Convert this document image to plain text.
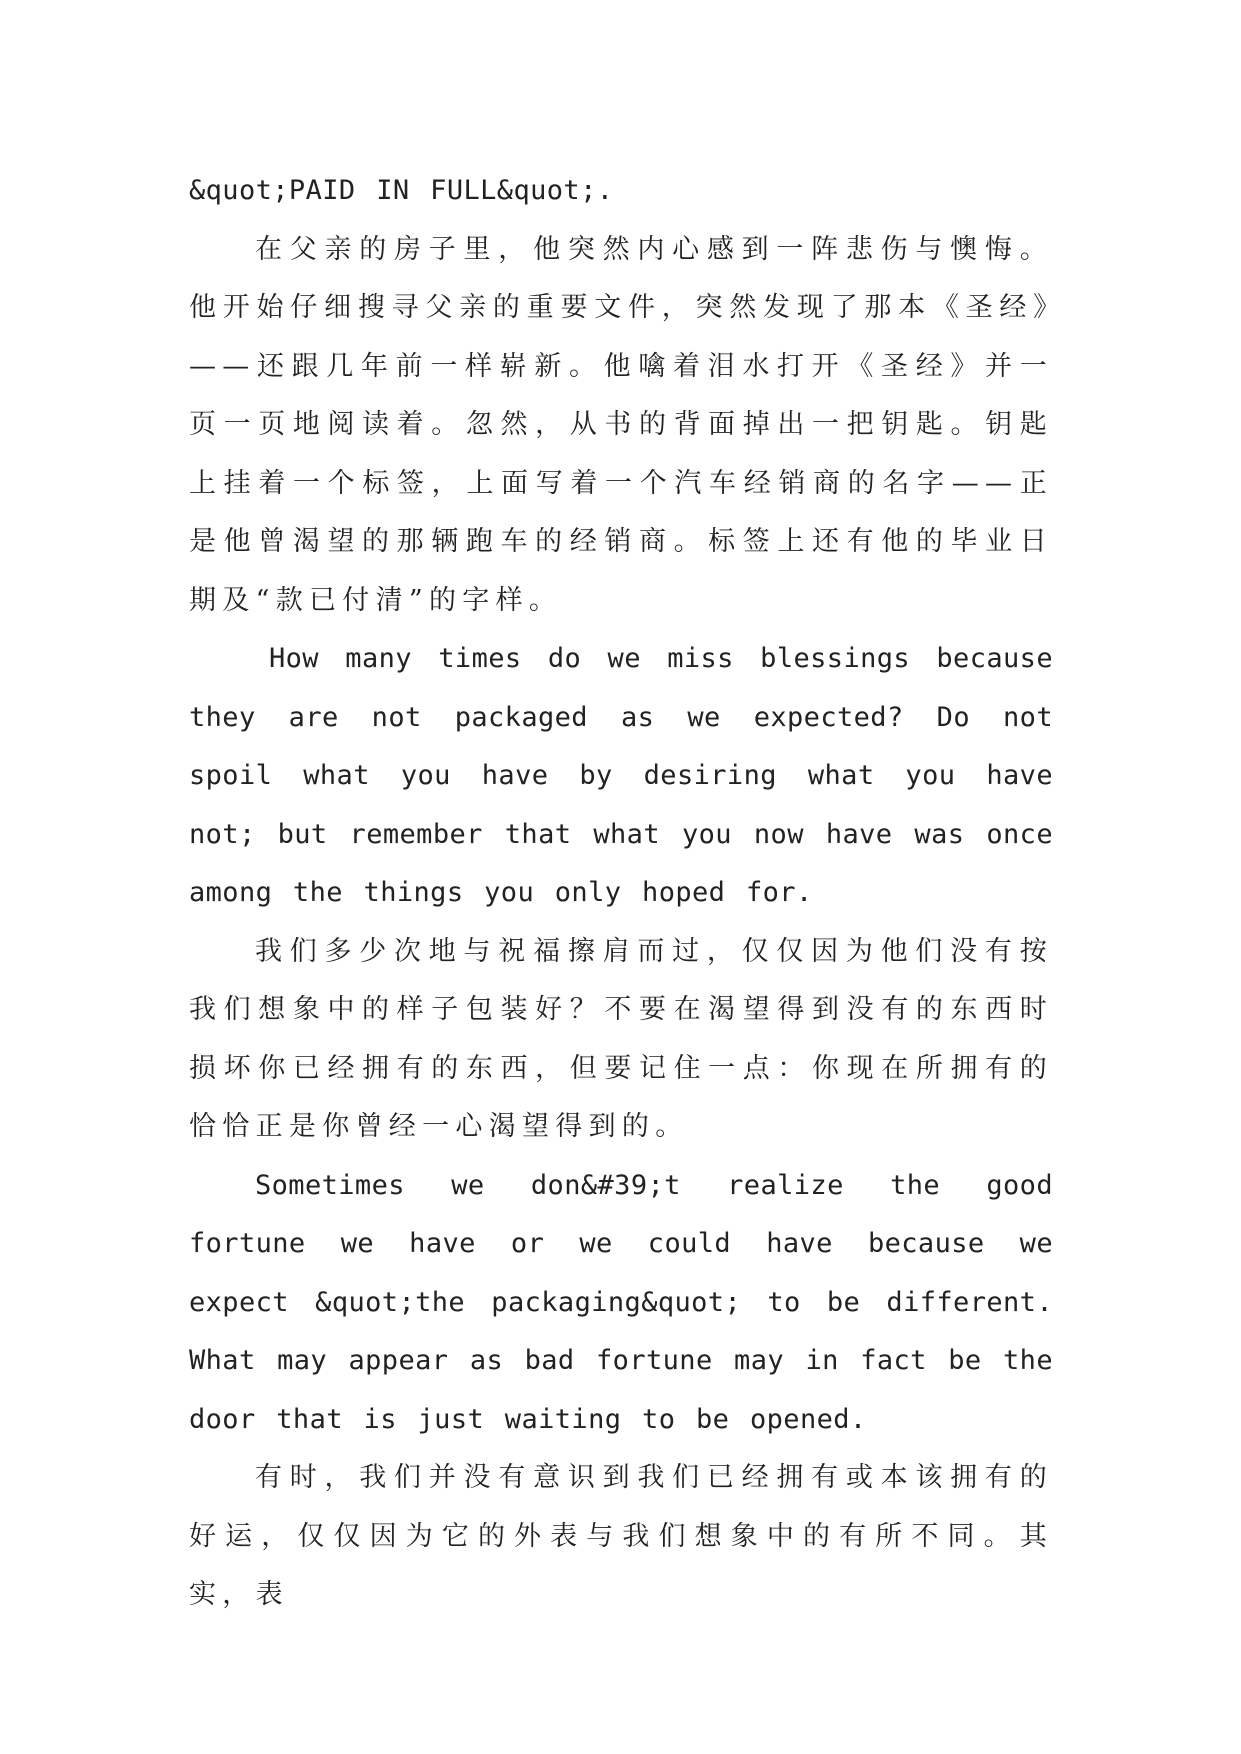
&quot;PAID IN FULL&quot;.

在父亲的房子里，他突然内心感到一阵悲伤与懊悔。他开始仔细搜寻父亲的重要文件，突然发现了那本《圣经》——还跟几年前一样崭新。他噙着泪水打开《圣经》并一页一页地阅读着。忽然，从书的背面掉出一把钥匙。钥匙上挂着一个标签，上面写着一个汽车经销商的名字——正是他曾渴望的那辆跑车的经销商。标签上还有他的毕业日期及“款已付清”的字样。

How many times do we miss blessings because they are not packaged as we expected? Do not spoil what you have by desiring what you have not; but remember that what you now have was once among the things you only hoped for.

我们多少次地与祝福擦肩而过，仅仅因为他们没有按我们想象中的样子包装好？不要在渴望得到没有的东西时损坏你已经拥有的东西，但要记住一点：你现在所拥有的恰恰正是你曾经一心渴望得到的。

Sometimes we don&#39;t realize the good fortune we have or we could have because we expect &quot;the packaging&quot; to be different. What may appear as bad fortune may in fact be the door that is just waiting to be opened.

有时，我们并没有意识到我们已经拥有或本该拥有的好运，仅仅因为它的外表与我们想象中的有所不同。其实，表
